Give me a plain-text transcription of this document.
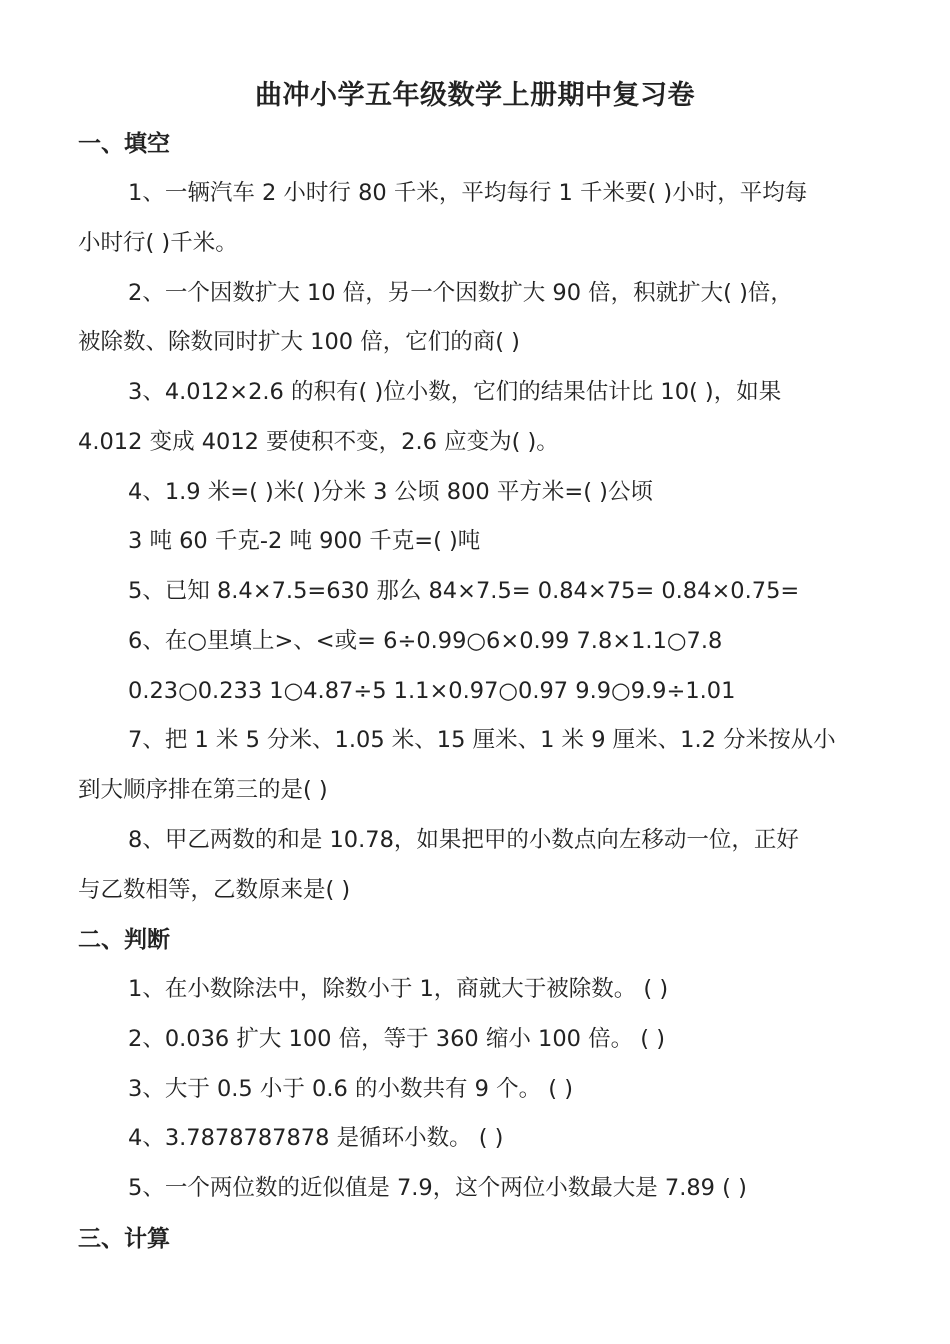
曲冲小学五年级数学上册期中复习卷
一、填空
1、一辆汽车 2 小时行 80 千米，平均每行 1 千米要( )小时，平均每
小时行( )千米。
2、一个因数扩大 10 倍，另一个因数扩大 90 倍，积就扩大( )倍，
被除数、除数同时扩大 100 倍，它们的商( )
3、4.012×2.6 的积有( )位小数，它们的结果估计比 10( )，如果
4.012 变成 4012 要使积不变，2.6 应变为( )。
4、1.9 米=( )米( )分米 3 公顷 800 平方米=( )公顷
3 吨 60 千克-2 吨 900 千克=( )吨
5、已知 8.4×7.5=630 那么 84×7.5= 0.84×75= 0.84×0.75=
6、在○里填上>、<或= 6÷0.99○6×0.99 7.8×1.1○7.8
0.23○0.233 1○4.87÷5 1.1×0.97○0.97 9.9○9.9÷1.01
7、把 1 米 5 分米、1.05 米、15 厘米、1 米 9 厘米、1.2 分米按从小
到大顺序排在第三的是( )
8、甲乙两数的和是 10.78，如果把甲的小数点向左移动一位，正好
与乙数相等，乙数原来是( )
二、判断
1、在小数除法中，除数小于 1，商就大于被除数。 ( )
2、0.036 扩大 100 倍，等于 360 缩小 100 倍。 ( )
3、大于 0.5 小于 0.6 的小数共有 9 个。 ( )
4、3.7878787878 是循环小数。 ( )
5、一个两位数的近似值是 7.9，这个两位小数最大是 7.89 ( )
三、计算
